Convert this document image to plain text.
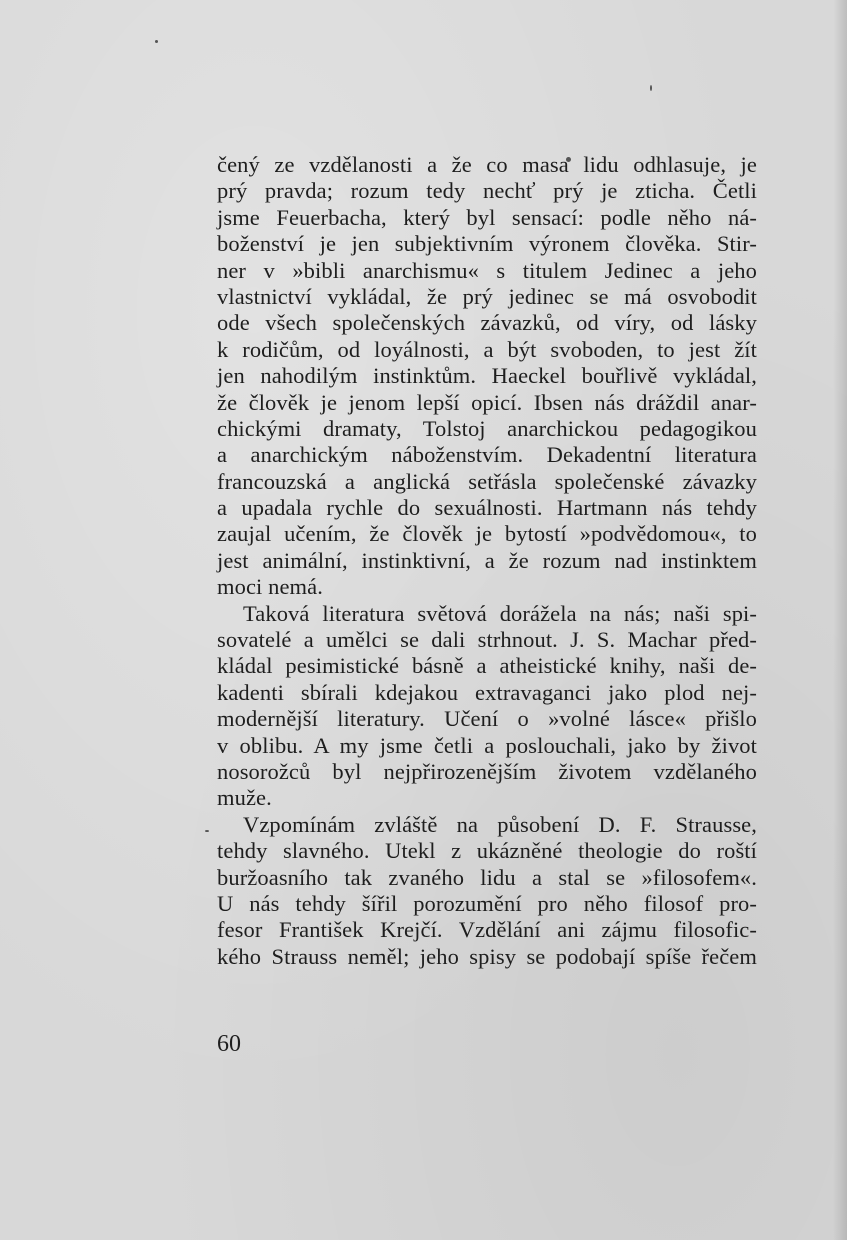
čený ze vzdělanosti a že co masa lidu odhlasuje, je
prý pravda; rozum tedy nechť prý je zticha. Četli
jsme Feuerbacha, který byl sensací: podle něho ná-
boženství je jen subjektivním výronem člověka. Stir-
ner v »bibli anarchismu« s titulem Jedinec a jeho
vlastnictví vykládal, že prý jedinec se má osvobodit
ode všech společenských závazků, od víry, od lásky
k rodičům, od loyálnosti, a být svoboden, to jest žít
jen nahodilým instinktům. Haeckel bouřlivě vykládal,
že člověk je jenom lepší opicí. Ibsen nás dráždil anar-
chickými dramaty, Tolstoj anarchickou pedagogikou
a anarchickým náboženstvím. Dekadentní literatura
francouzská a anglická setřásla společenské závazky
a upadala rychle do sexuálnosti. Hartmann nás tehdy
zaujal učením, že člověk je bytostí »podvědomou«, to
jest animální, instinktivní, a že rozum nad instinktem
moci nemá.
Taková literatura světová dorážela na nás; naši spi-
sovatelé a umělci se dali strhnout. J. S. Machar před-
kládal pesimistické básně a atheistické knihy, naši de-
kadenti sbírali kdejakou extravaganci jako plod nej-
modernější literatury. Učení o »volné lásce« přišlo
v oblibu. A my jsme četli a poslouchali, jako by život
nosorožců byl nejpřirozenějším životem vzdělaného
muže.
Vzpomínám zvláště na působení D. F. Strausse,
tehdy slavného. Utekl z ukázněné theologie do roští
buržoasního tak zvaného lidu a stal se »filosofem«.
U nás tehdy šířil porozumění pro něho filosof pro-
fesor František Krejčí. Vzdělání ani zájmu filosofic-
kého Strauss neměl; jeho spisy se podobají spíše řečem
60
